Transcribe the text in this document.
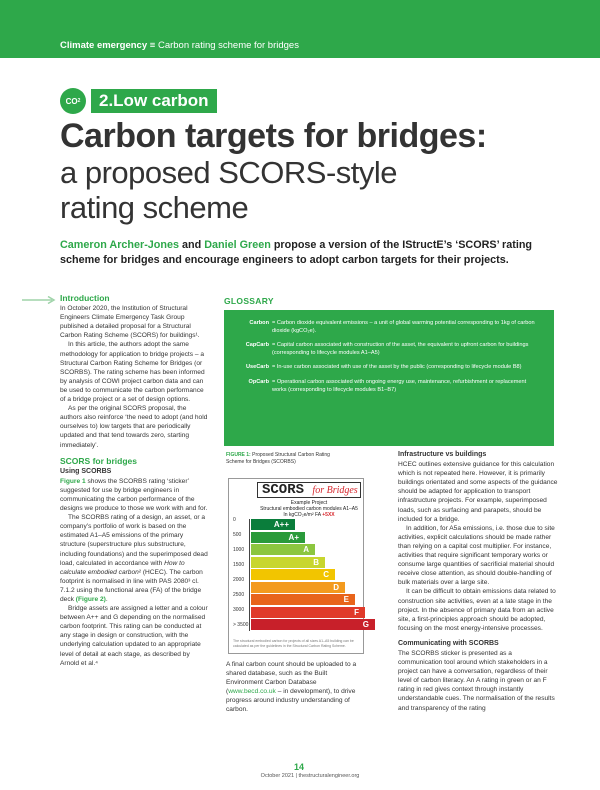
Climate emergency ≡ Carbon rating scheme for bridges
CO 2	2.Low carbon
Carbon targets for bridges:
a proposed SCORS-style
rating scheme
Cameron Archer-Jones and Daniel Green propose a version of the IStructE’s ‘SCORS’ rating scheme for bridges and encourage engineers to adopt carbon targets for their projects.
Introduction

In October 2020, the Institution of Structural Engineers Climate Emergency Task Group published a detailed proposal for a Structural Carbon Rating Scheme (SCORS) for buildings¹.

In this article, the authors adopt the same methodology for application to bridge projects – a Structural Carbon Rating Scheme for Bridges (or SCORBS). The rating scheme has been informed by analysis of COWI project carbon data and can be used to communicate the carbon performance of a bridge project or a set of design options.

As per the original SCORS proposal, the authors also reinforce ‘the need to adopt (and hold ourselves to) low targets that are periodically updated and that tend towards zero, starting immediately’.

SCORS for bridges
Using SCORBS

Figure 1 shows the SCORBS rating ‘sticker’ suggested for use by bridge engineers in communicating the carbon performance of the designs we produce to those we work with and for.

The SCORBS rating of a design, an asset, or a company’s portfolio of work is based on the estimated A1–A5 emissions of the primary structure (superstructure plus substructure, including foundations) and the superimposed dead load, calculated in accordance with How to calculate embodied carbon² (HCEC). The carbon footprint is normalised in line with PAS 2080³ cl. 7.1.2 using the functional area (FA) of the bridge deck (Figure 2).

Bridge assets are assigned a letter and a colour between A++ and G depending on the normalised carbon footprint. This rating can be conducted at any stage in design or construction, with the underlying calculation updated to an appropriate level of detail at each stage, as described by Arnold et al.⁴

GLOSSARY
Carbon = Carbon dioxide equivalent emissions – a unit of global warming potential corresponding to 1kg of carbon dioxide (kgCO₂e).
CapCarb = Capital carbon associated with construction of the asset, the equivalent to upfront carbon for buildings (corresponding to lifecycle modules A1–A5)
UseCarb = In-use carbon associated with use of the asset by the public (corresponding to lifecycle module B8)
OpCarb = Operational carbon associated with ongoing energy use, maintenance, refurbishment or replacement works (corresponding to lifecycle modules B1–B7)
FIGURE 1: Proposed Structural Carbon Rating Scheme for Bridges (SCORBS)
SCORS for Bridges
Example Project
Structural embodied carbon modules A1–A5
In kgCO₂e/m² FA +5XX
0
500
1000
1500
2000
2500
3000
> 3500
A++
A+
A
B
C
D
E
F
G
The structural embodied carbon for projects of all sizes A1–A5 building can be calculated as per the guidelines in the Structural Carbon Rating Scheme.
A final carbon count should be uploaded to a shared database, such as the Built Environment Carbon Database (www.becd.co.uk – in development), to drive progress around industry understanding of carbon.
Infrastructure vs buildings

HCEC outlines extensive guidance for this calculation which is not repeated here. However, it is primarily buildings orientated and some aspects of the guidance should be adapted for application to transport infrastructure projects. For example, superimposed loads, such as surfacing and parapets, should be included for a bridge.

In addition, for A5a emissions, i.e. those due to site activities, explicit calculations should be made rather than relying on a capital cost multiplier. For instance, activities that require significant temporary works or consume large quantities of sacrificial material should receive close attention, as should double-handling of bulk materials over a large site.

It can be difficult to obtain emissions data related to construction site activities, even at a late stage in the project. In the absence of primary data from an active site, a first-principles approach should be adopted, focusing on the most energy-intensive processes.

Communicating with SCORBS

The SCORBS sticker is presented as a communication tool around which stakeholders in a project can have a conversation, regardless of their level of carbon literacy. An A rating in green or an F rating in red gives context through instantly understandable cues. The normalisation of the results and transparency of the rating

14
October 2021 | thestructuralengineer.org
